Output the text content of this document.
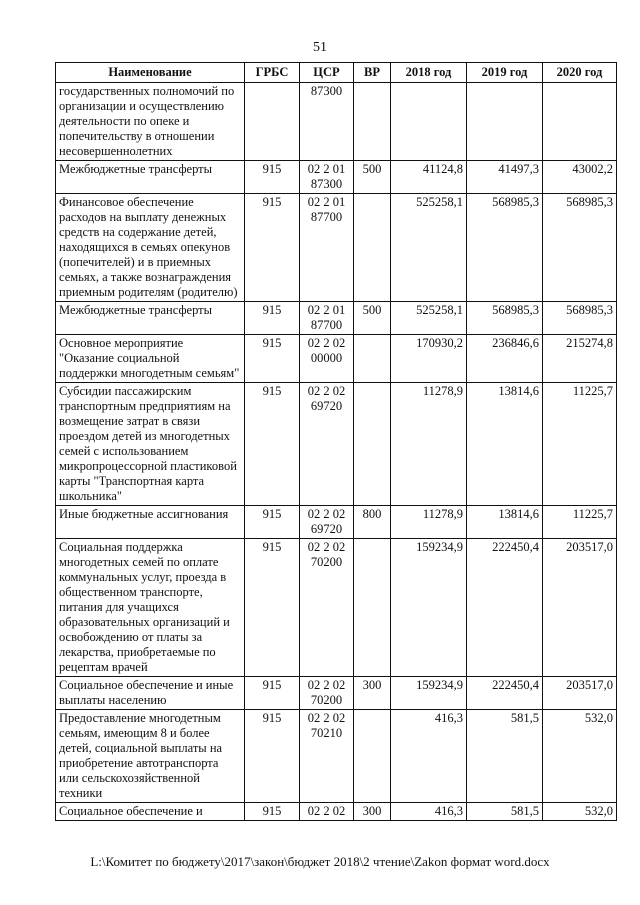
51
Наименование	ГРБС	ЦСР	ВР	2018 год	2019 год	2020 год
государственных полномочий по организации и осуществлению деятельности по опеке и попечительству в отношении несовершеннолетних		87300				
Межбюджетные трансферты	915	02 2 01 87300	500	41124,8	41497,3	43002,2
Финансовое обеспечение расходов на выплату денежных средств на содержание детей, находящихся в семьях опекунов (попечителей) и в приемных семьях, а также вознаграждения приемным родителям (родителю)	915	02 2 01 87700		525258,1	568985,3	568985,3
Межбюджетные трансферты	915	02 2 01 87700	500	525258,1	568985,3	568985,3
Основное мероприятие "Оказание социальной поддержки многодетным семьям"	915	02 2 02 00000		170930,2	236846,6	215274,8
Субсидии пассажирским транспортным предприятиям на возмещение затрат в связи проездом детей из многодетных семей с использованием микропроцессорной пластиковой карты "Транспортная карта школьника"	915	02 2 02 69720		11278,9	13814,6	11225,7
Иные бюджетные ассигнования	915	02 2 02 69720	800	11278,9	13814,6	11225,7
Социальная поддержка многодетных семей по оплате коммунальных услуг, проезда в общественном транспорте, питания для учащихся образовательных организаций и освобождению от платы за лекарства, приобретаемые по рецептам врачей	915	02 2 02 70200		159234,9	222450,4	203517,0
Социальное обеспечение и иные выплаты населению	915	02 2 02 70200	300	159234,9	222450,4	203517,0
Предоставление многодетным семьям, имеющим 8 и более детей, социальной выплаты на приобретение автотранспорта или сельскохозяйственной техники	915	02 2 02 70210		416,3	581,5	532,0
Социальное обеспечение и	915	02 2 02	300	416,3	581,5	532,0
L:\Комитет по бюджету\2017\закон\бюджет 2018\2 чтение\Zakon формат word.docx
